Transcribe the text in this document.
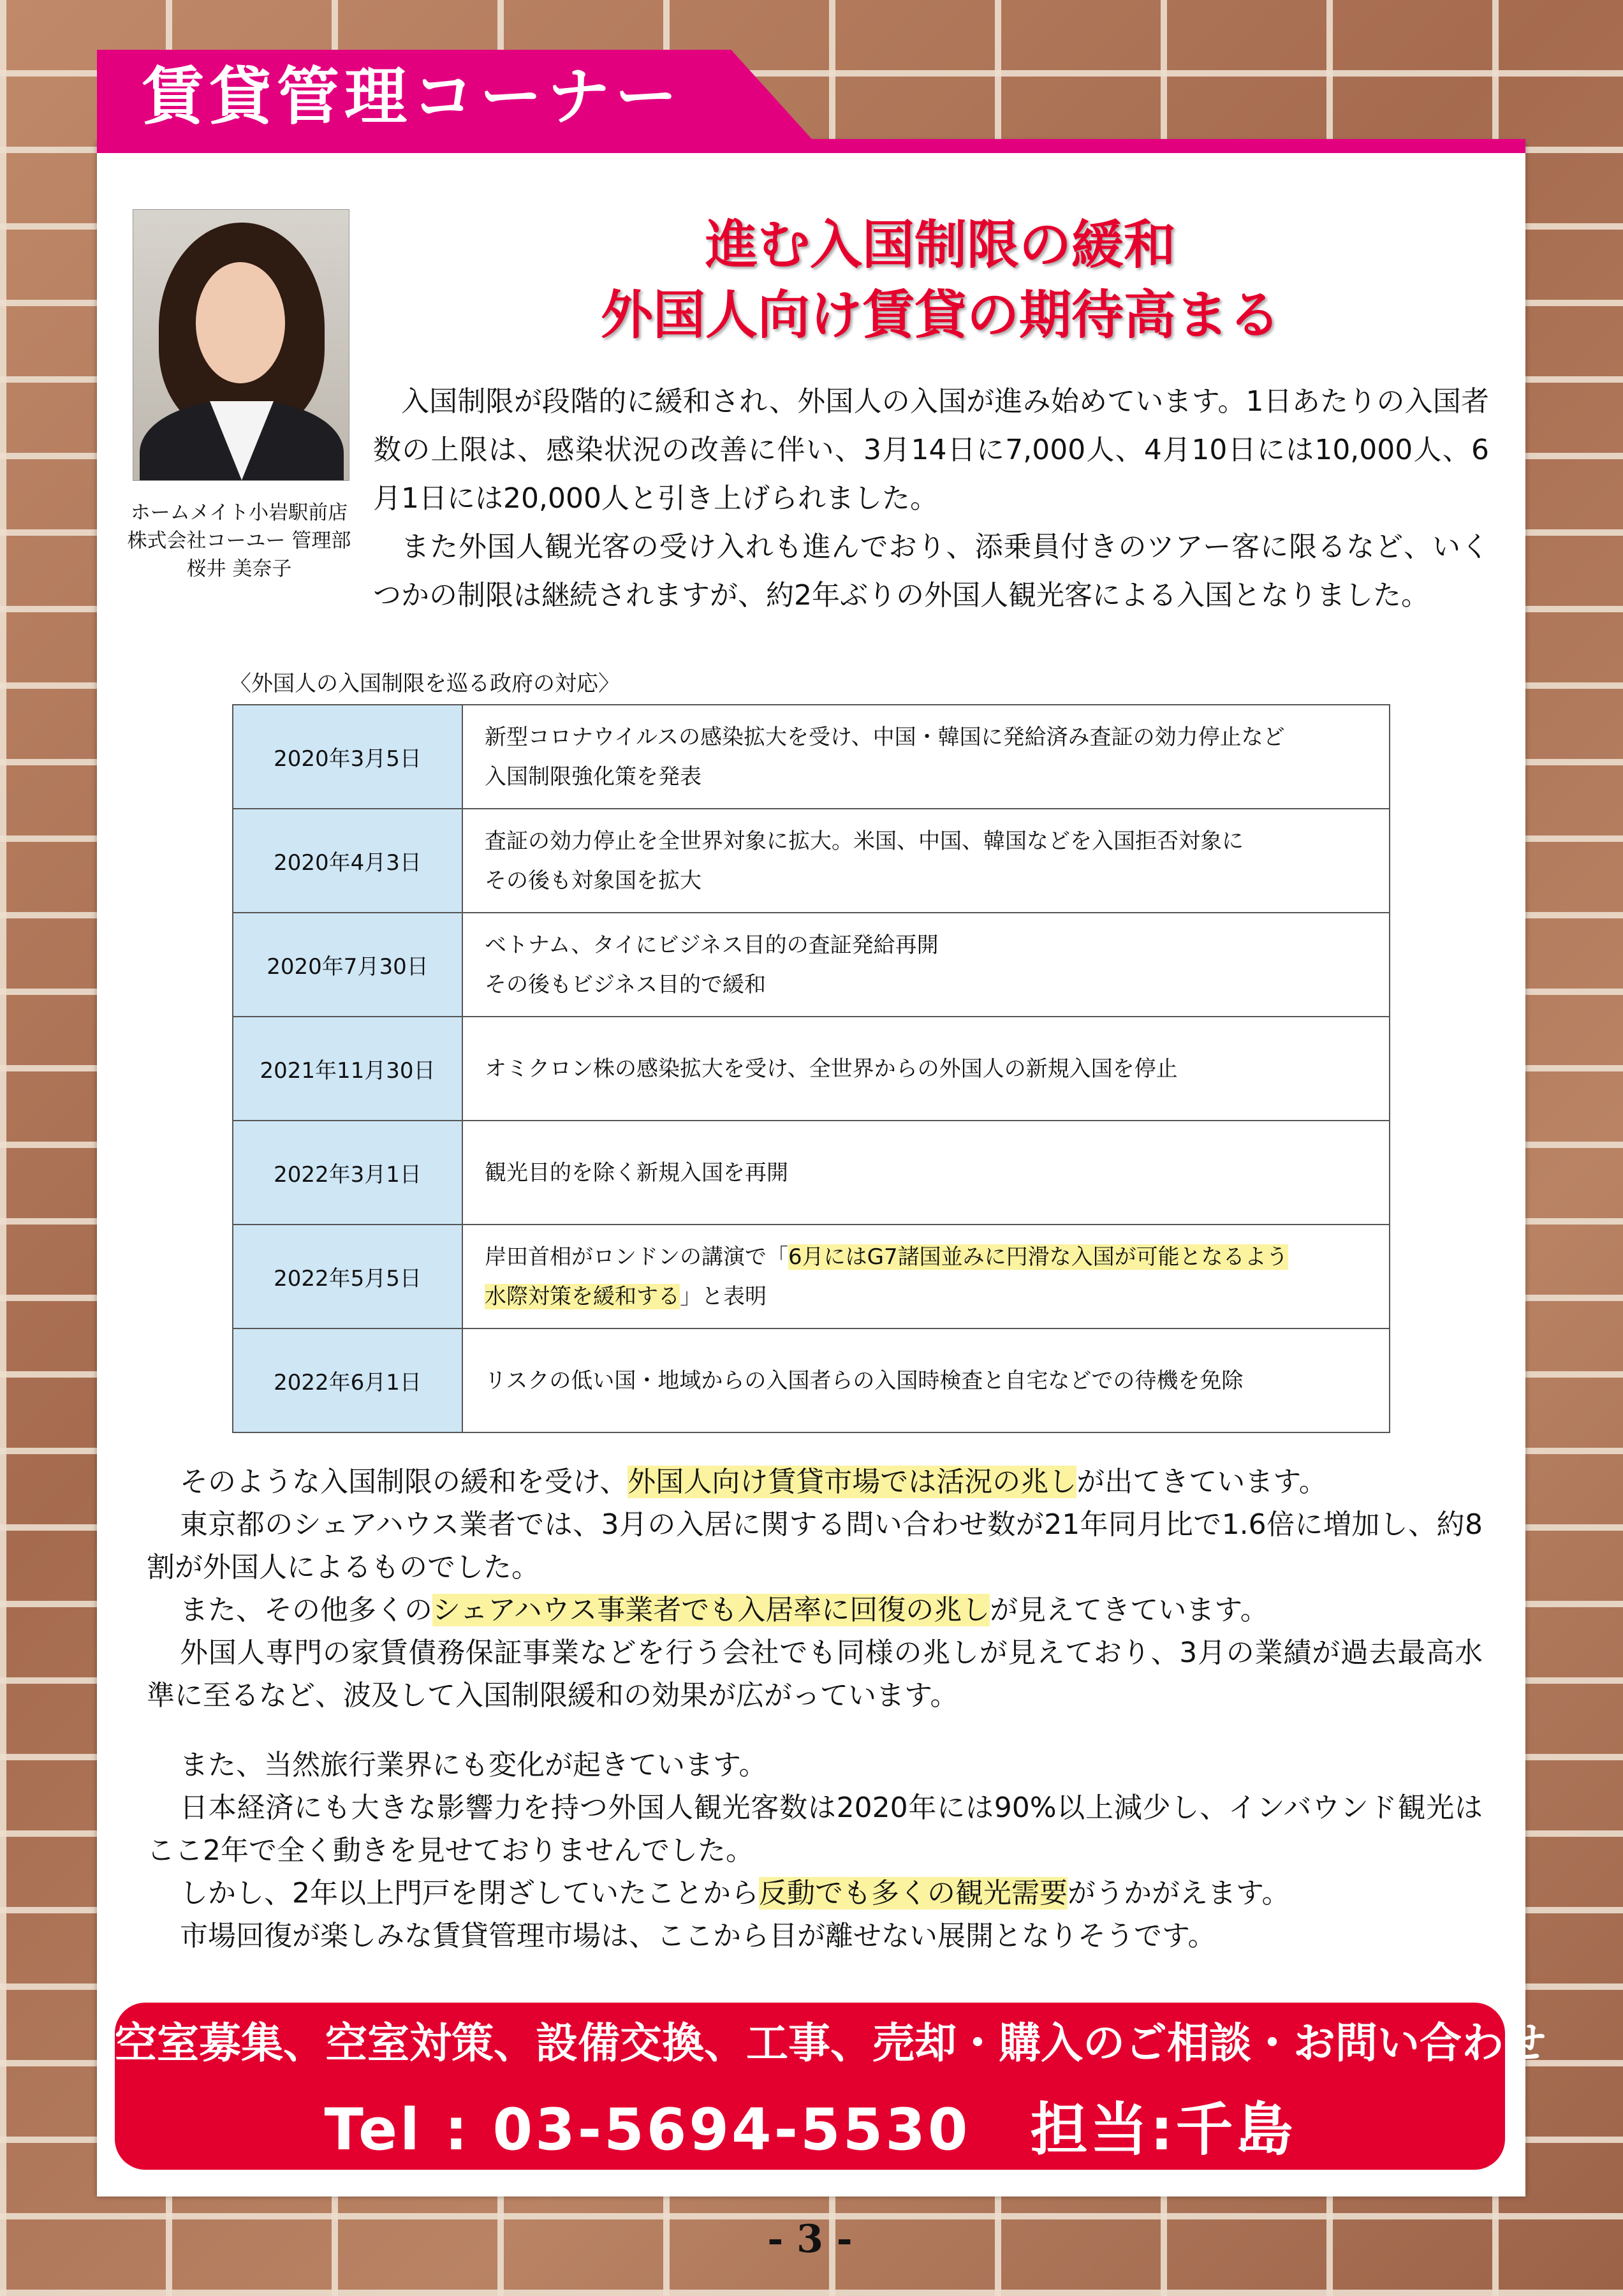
賃貸管理コーナー
ホームメイト小岩駅前店
株式会社コーユー 管理部
桜井 美奈子
進む入国制限の緩和
外国人向け賃貸の期待高まる

入国制限が段階的に緩和され、外国人の入国が進み始めています。1日あたりの入国者数の上限は、感染状況の改善に伴い、3月14日に7,000人、4月10日には10,000人、6月1日には20,000人と引き上げられました。

また外国人観光客の受け入れも進んでおり、添乗員付きのツアー客に限るなど、いくつかの制限は継続されますが、約2年ぶりの外国人観光客による入国となりました。

〈外国人の入国制限を巡る政府の対応〉
2020年3月5日	新型コロナウイルスの感染拡大を受け、中国・韓国に発給済み査証の効力停止など
入国制限強化策を発表

2020年4月3日	査証の効力停止を全世界対象に拡大。米国、中国、韓国などを入国拒否対象に
その後も対象国を拡大

2020年7月30日	ベトナム、タイにビジネス目的の査証発給再開
その後もビジネス目的で緩和

2021年11月30日	オミクロン株の感染拡大を受け、全世界からの外国人の新規入国を停止

2022年3月1日	観光目的を除く新規入国を再開

2022年5月5日	岸田首相がロンドンの講演で「6月にはG7諸国並みに円滑な入国が可能となるよう
水際対策を緩和する」と表明

2022年6月1日	リスクの低い国・地域からの入国者らの入国時検査と自宅などでの待機を免除

そのような入国制限の緩和を受け、外国人向け賃貸市場では活況の兆しが出てきています。

東京都のシェアハウス業者では、3月の入居に関する問い合わせ数が21年同月比で1.6倍に増加し、約8割が外国人によるものでした。

また、その他多くのシェアハウス事業者でも入居率に回復の兆しが見えてきています。

外国人専門の家賃債務保証事業などを行う会社でも同様の兆しが見えており、3月の業績が過去最高水準に至るなど、波及して入国制限緩和の効果が広がっています。

また、当然旅行業界にも変化が起きています。

日本経済にも大きな影響力を持つ外国人観光客数は2020年には90%以上減少し、インバウンド観光はここ2年で全く動きを見せておりませんでした。

しかし、2年以上門戸を閉ざしていたことから反動でも多くの観光需要がうかがえます。

市場回復が楽しみな賃貸管理市場は、ここから目が離せない展開となりそうです。

空室募集、空室対策、設備交換、工事、売却・購入のご相談・お問い合わせ
Tel : 03-5694-5530　担当:千島
- 3 -
